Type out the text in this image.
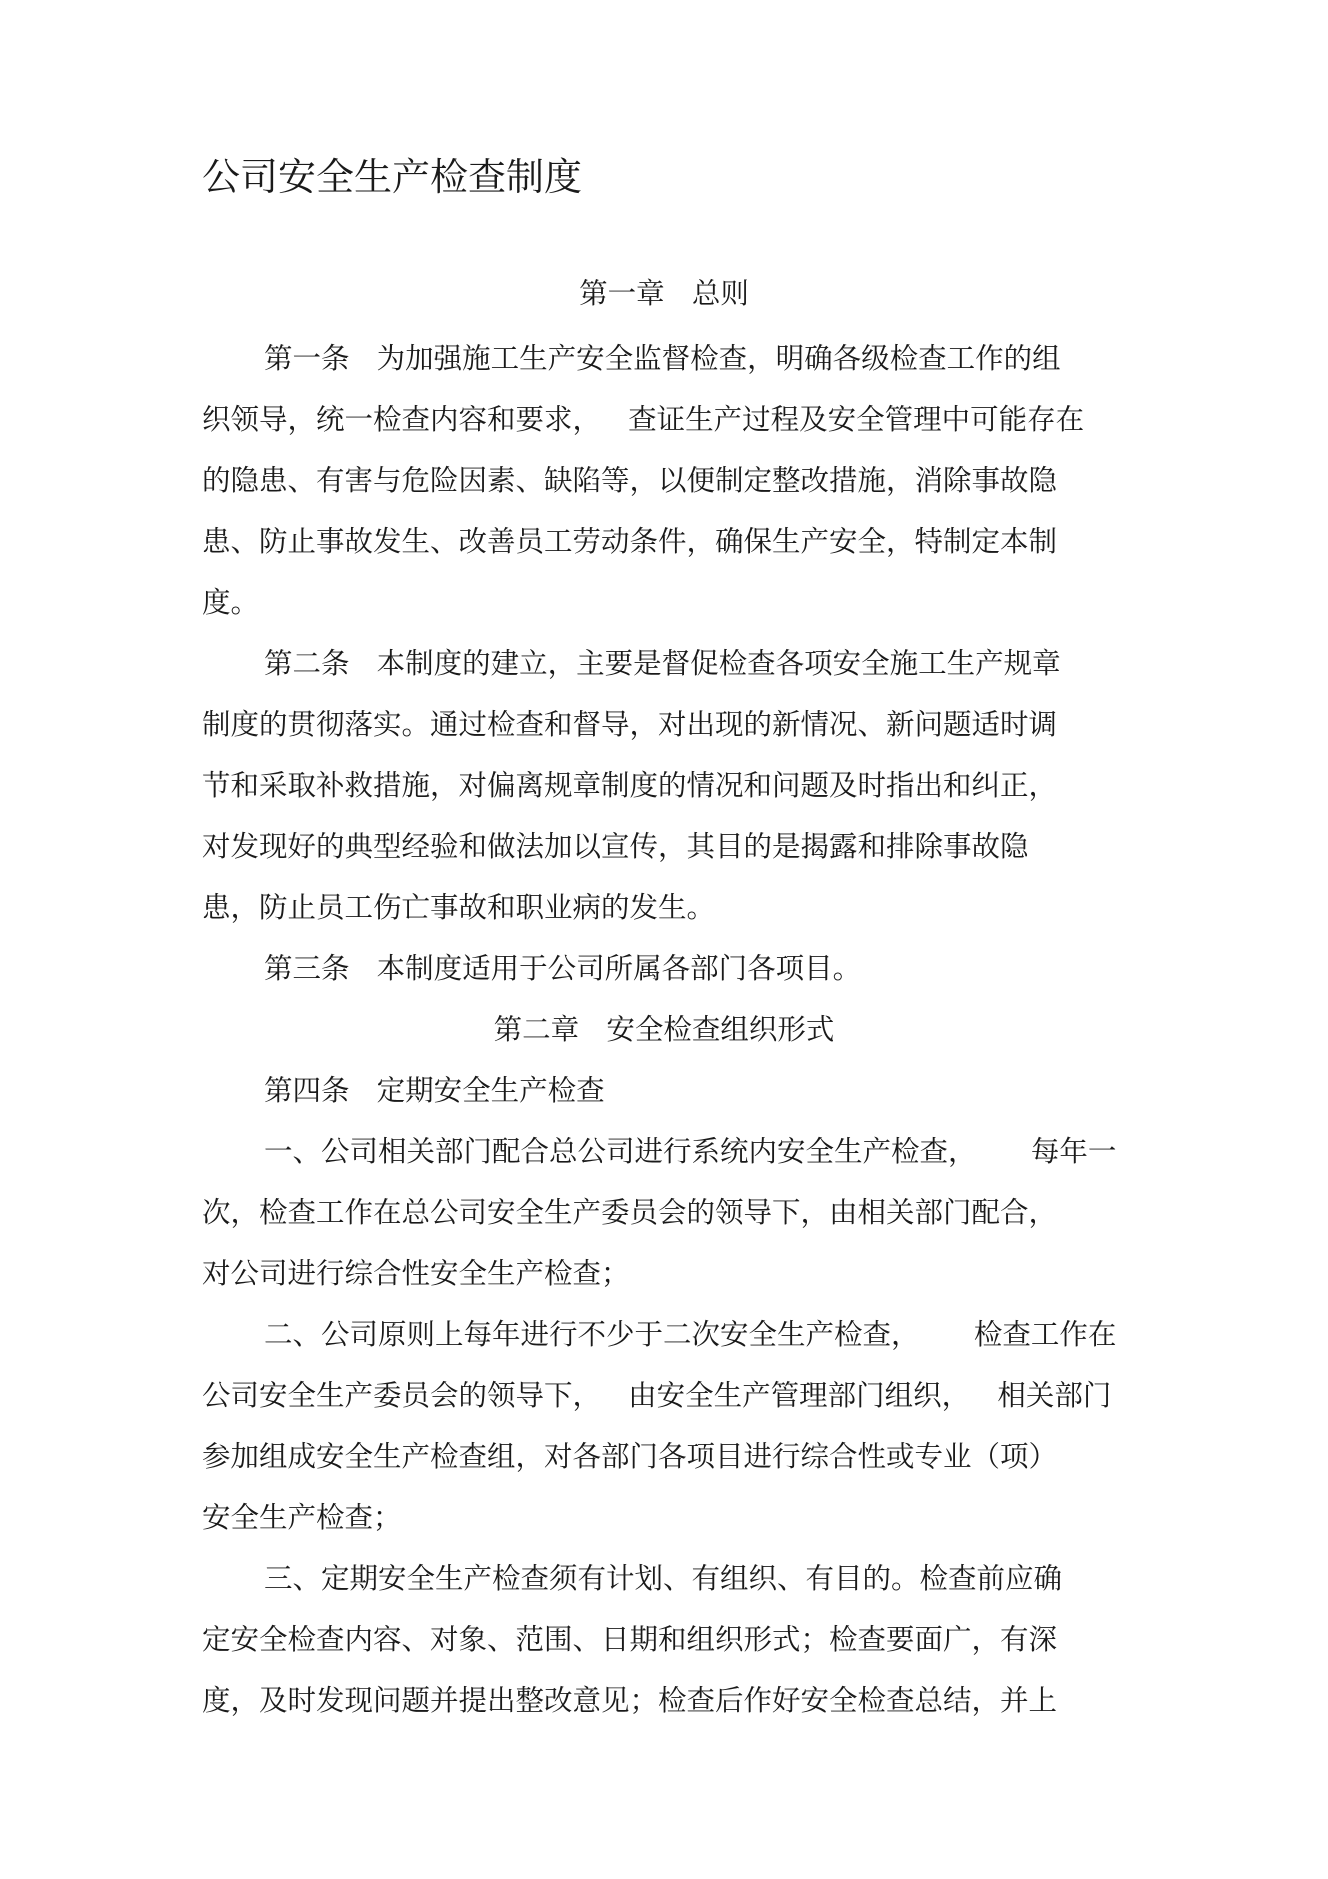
公司安全生产检查制度
第一章   总则
第一条   为加强施工生产安全监督检查，明确各级检查工作的组
织领导，统一检查内容和要求，   查证生产过程及安全管理中可能存在
的隐患、有害与危险因素、缺陷等，以便制定整改措施，消除事故隐
患、防止事故发生、改善员工劳动条件，确保生产安全，特制定本制
度。
第二条   本制度的建立，主要是督促检查各项安全施工生产规章
制度的贯彻落实。通过检查和督导，对出现的新情况、新问题适时调
节和采取补救措施，对偏离规章制度的情况和问题及时指出和纠正，
对发现好的典型经验和做法加以宣传，其目的是揭露和排除事故隐
患，防止员工伤亡事故和职业病的发生。
第三条   本制度适用于公司所属各部门各项目。
第二章   安全检查组织形式
第四条   定期安全生产检查
一、公司相关部门配合总公司进行系统内安全生产检查，      每年一
次，检查工作在总公司安全生产委员会的领导下，由相关部门配合，
对公司进行综合性安全生产检查；
二、公司原则上每年进行不少于二次安全生产检查，      检查工作在
公司安全生产委员会的领导下，   由安全生产管理部门组织，   相关部门
参加组成安全生产检查组，对各部门各项目进行综合性或专业（项）
安全生产检查；
三、定期安全生产检查须有计划、有组织、有目的。检查前应确
定安全检查内容、对象、范围、日期和组织形式；检查要面广，有深
度，及时发现问题并提出整改意见；检查后作好安全检查总结，并上
